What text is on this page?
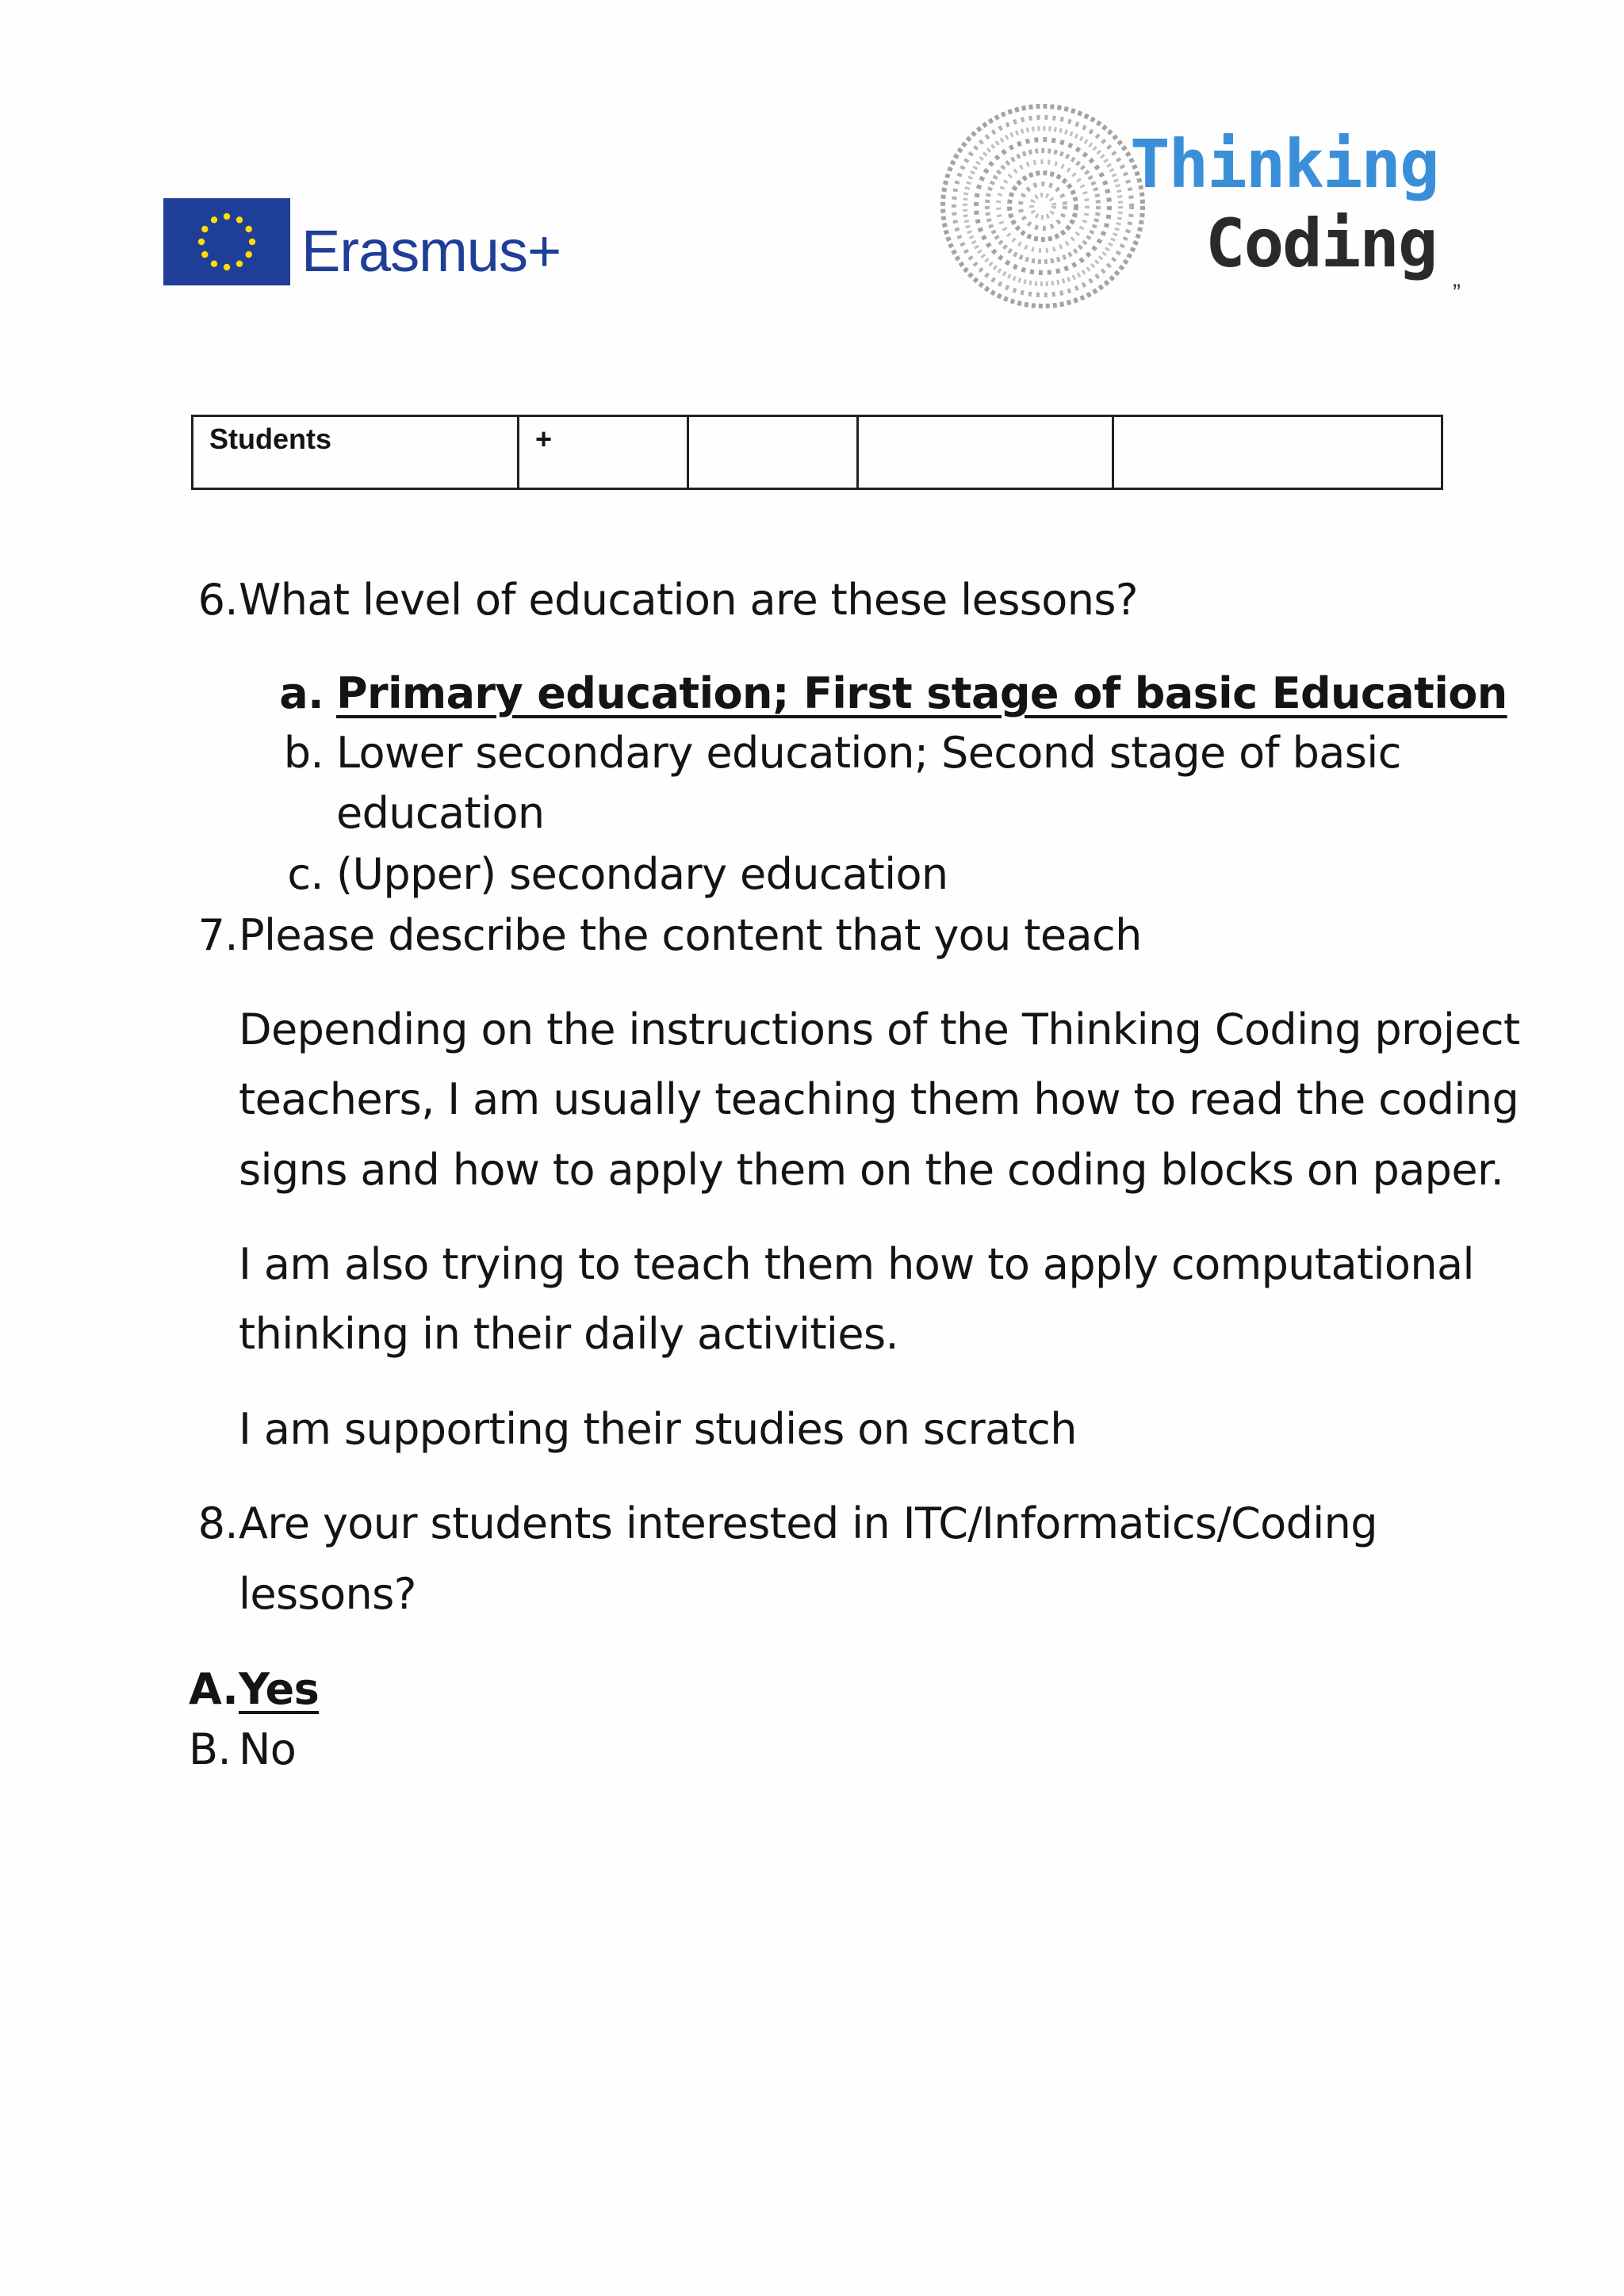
Erasmus+
Thinking
Coding
”
Students	+			
6. What level of education are these lessons?
a. Primary education; First stage of basic Education
b. Lower secondary education; Second stage of basic
education
c. (Upper) secondary education
7. Please describe the content that you teach
Depending on the instructions of the Thinking Coding project
teachers, I am usually teaching them how to read the coding
signs and how to apply them on the coding blocks on paper.
I am also trying to teach them how to apply computational
thinking in their daily activities.
I am supporting their studies on scratch
8. Are your students interested in ITC/Informatics/Coding
lessons?
A. Yes
B. No
